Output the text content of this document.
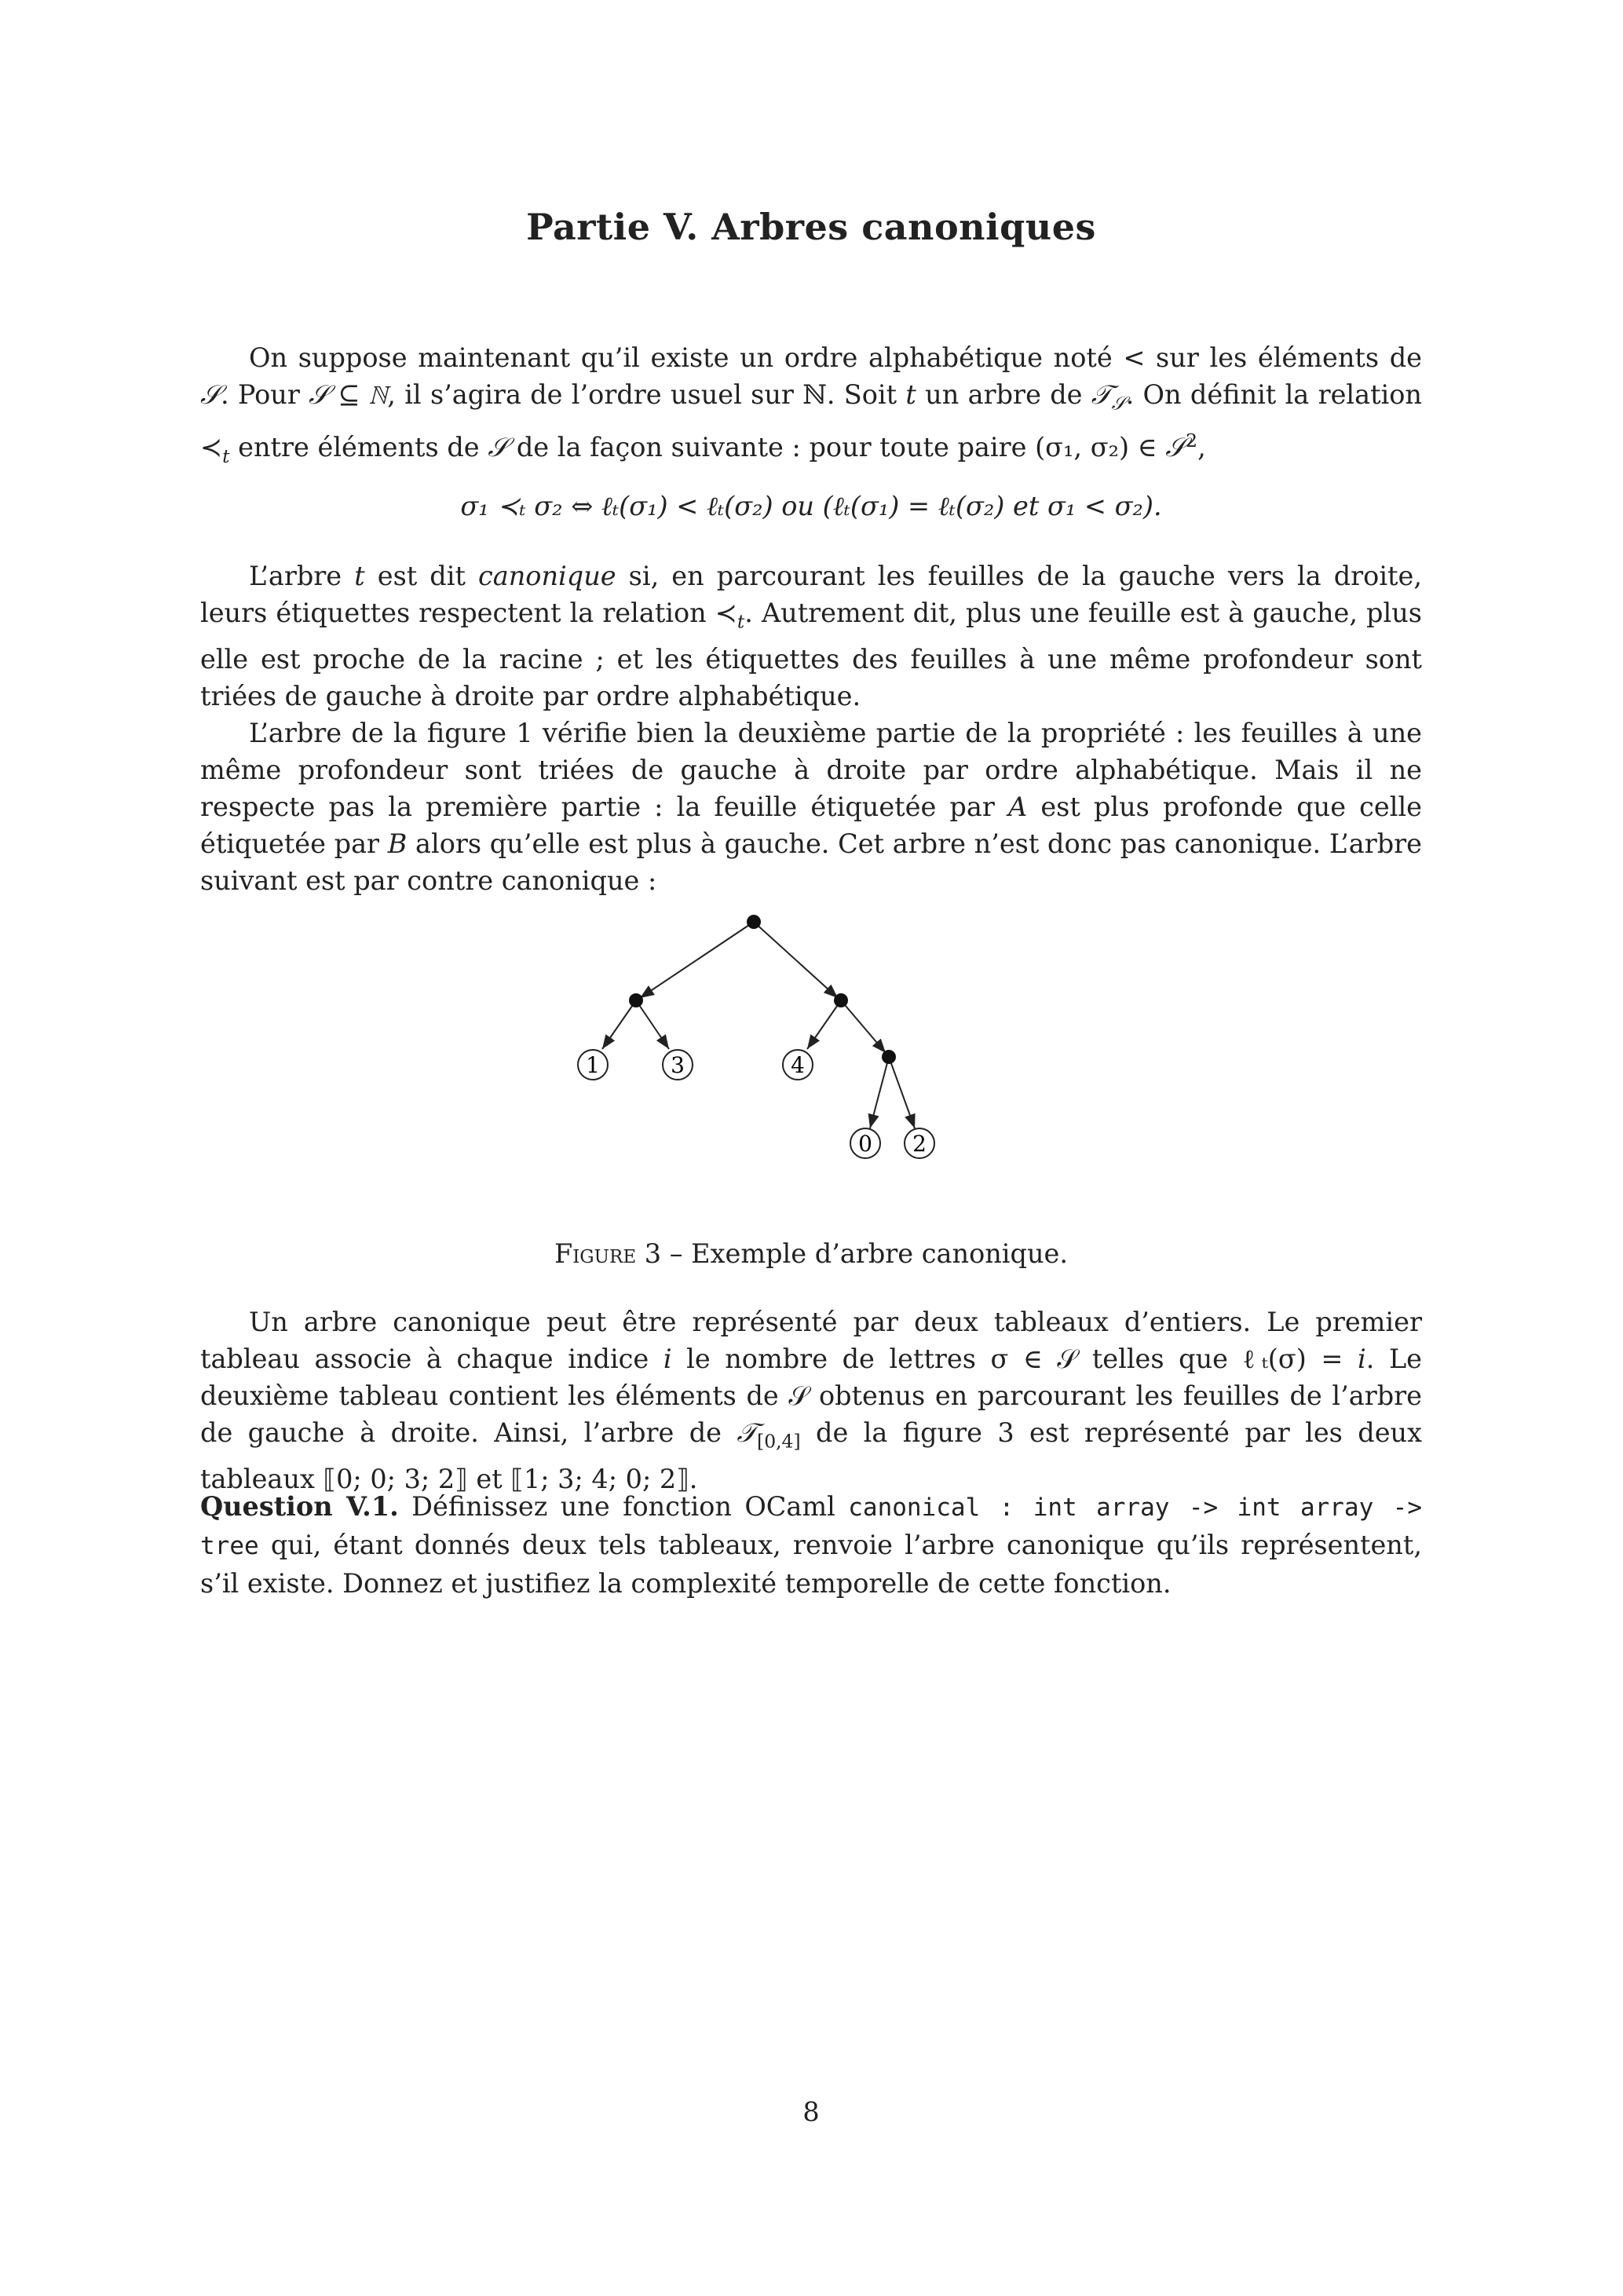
Partie V. Arbres canoniques

On suppose maintenant qu’il existe un ordre alphabétique noté < sur les éléments de 𝒮. Pour 𝒮 ⊆ ℕ, il s’agira de l’ordre usuel sur ℕ. Soit t un arbre de 𝒯$_𝒮$. On définit la relation $≺_t$ entre éléments de 𝒮 de la façon suivante : pour toute paire (σ₁, σ₂) ∈ 𝒮$^2$,

σ₁ ≺ₜ σ₂ ⇔ ℓₜ(σ₁) < ℓₜ(σ₂) ou (ℓₜ(σ₁) = ℓₜ(σ₂) et σ₁ < σ₂).

L’arbre t est dit canonique si, en parcourant les feuilles de la gauche vers la droite, leurs étiquettes respectent la relation $≺_t$. Autrement dit, plus une feuille est à gauche, plus elle est proche de la racine ; et les étiquettes des feuilles à une même profondeur sont triées de gauche à droite par ordre alphabétique.

L’arbre de la figure 1 vérifie bien la deuxième partie de la propriété : les feuilles à une même profondeur sont triées de gauche à droite par ordre alphabétique. Mais il ne respecte pas la première partie : la feuille étiquetée par A est plus profonde que celle étiquetée par B alors qu’elle est plus à gauche. Cet arbre n’est donc pas canonique. L’arbre suivant est par contre canonique :

1	3	4
0 2
Figure 3 – Exemple d’arbre canonique.

Un arbre canonique peut être représenté par deux tableaux d’entiers. Le premier tableau associe à chaque indice i le nombre de lettres σ ∈ 𝒮 telles que ℓₜ(σ) = i. Le deuxième tableau contient les éléments de 𝒮 obtenus en parcourant les feuilles de l’arbre de gauche à droite. Ainsi, l’arbre de 𝒯$_{[0,4]}$ de la figure 3 est représenté par les deux tableaux ⟦0; 0; 3; 2⟧ et ⟦1; 3; 4; 0; 2⟧.

Question V.1. Définissez une fonction OCaml canonical : int array -> int array -> tree qui, étant donnés deux tels tableaux, renvoie l’arbre canonique qu’ils représentent, s’il existe. Donnez et justifiez la complexité temporelle de cette fonction.

8
